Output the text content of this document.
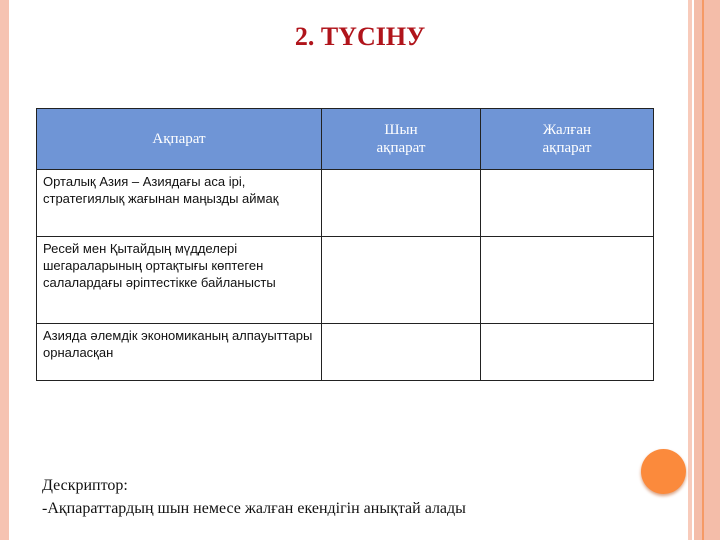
2. ТҮСІНУ
Ақпарат	Шын ақпарат	Жалған ақпарат

Орталық Азия – Азиядағы аса ірі, стратегиялық жағынан маңызды аймақ		
Ресей мен Қытайдың мүдделері шегараларының ортақтығы көптеген салалардағы әріптестікке байланысты		
Азияда әлемдік экономиканың алпауыттары орналасқан		
Дескриптор:
-Ақпараттардың шын немесе жалған екендігін анықтай алады
